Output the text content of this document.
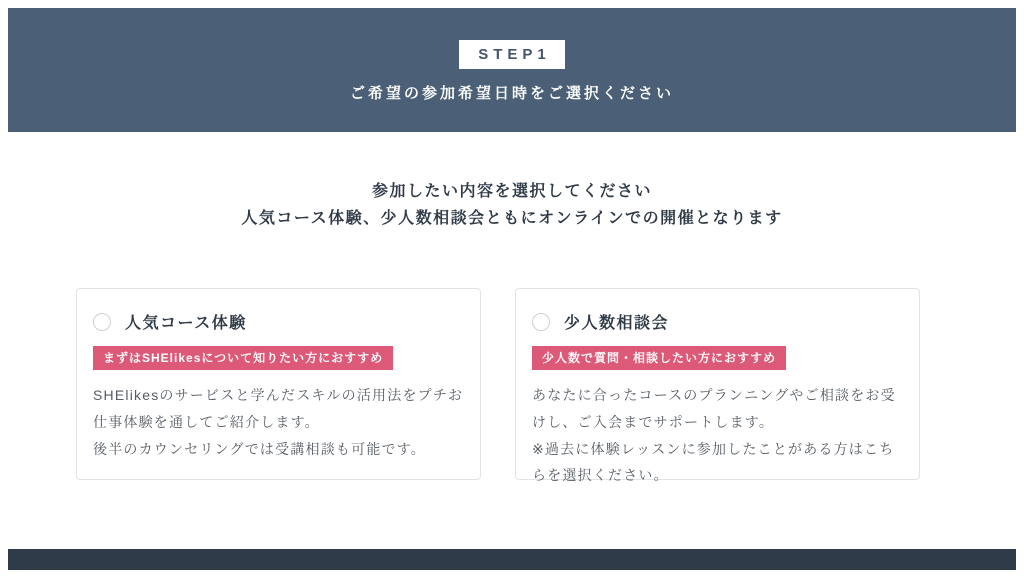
STEP1
ご希望の参加希望日時をご選択ください

参加したい内容を選択してください

人気コース体験、少人数相談会ともにオンラインでの開催となります

人気コース体験
まずはSHElikesについて知りたい方におすすめ

SHElikesのサービスと学んだスキルの活用法をプチお仕事体験を通してご紹介します。

後半のカウンセリングでは受講相談も可能です。

少人数相談会
少人数で質問・相談したい方におすすめ

あなたに合ったコースのプランニングやご相談をお受けし、ご入会までサポートします。

※過去に体験レッスンに参加したことがある方はこちらを選択ください。
